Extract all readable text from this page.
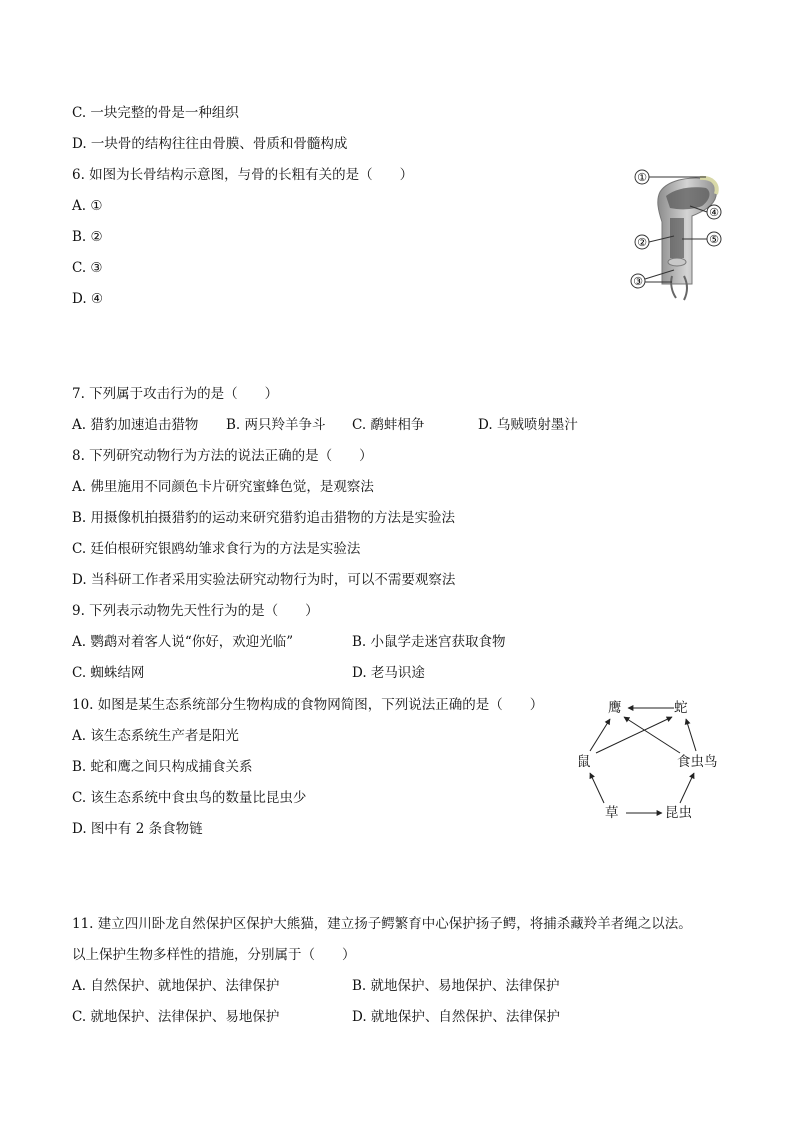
C. 一块完整的骨是一种组织
D. 一块骨的结构往往由骨膜、骨质和骨髓构成
6. 如图为长骨结构示意图，与骨的长粗有关的是（　　）
A. ①
B. ②
C. ③
D. ④
①
④
②	⑤
③
7. 下列属于攻击行为的是（　　）
A. 猎豹加速追击猎物 B. 两只羚羊争斗 C. 鹬蚌相争	D. 乌贼喷射墨汁
8. 下列研究动物行为方法的说法正确的是（　　）
A. 佛里施用不同颜色卡片研究蜜蜂色觉，是观察法
B. 用摄像机拍摄猎豹的运动来研究猎豹追击猎物的方法是实验法
C. 廷伯根研究银鸥幼雏求食行为的方法是实验法
D. 当科研工作者采用实验法研究动物行为时，可以不需要观察法
9. 下列表示动物先天性行为的是（　　）
A. 鹦鹉对着客人说“你好，欢迎光临”	B. 小鼠学走迷宫获取食物
C. 蜘蛛结网	D. 老马识途
10. 如图是某生态系统部分生物构成的食物网简图，下列说法正确的是（　　）
A. 该生态系统生产者是阳光
B. 蛇和鹰之间只构成捕食关系
C. 该生态系统中食虫鸟的数量比昆虫少
D. 图中有 2 条食物链
鹰	蛇
鼠	食虫鸟
草	昆虫
11. 建立四川卧龙自然保护区保护大熊猫，建立扬子鳄繁育中心保护扬子鳄，将捕杀藏羚羊者绳之以法。
以上保护生物多样性的措施，分别属于（　　）
A. 自然保护、就地保护、法律保护	B. 就地保护、易地保护、法律保护
C. 就地保护、法律保护、易地保护	D. 就地保护、自然保护、法律保护
